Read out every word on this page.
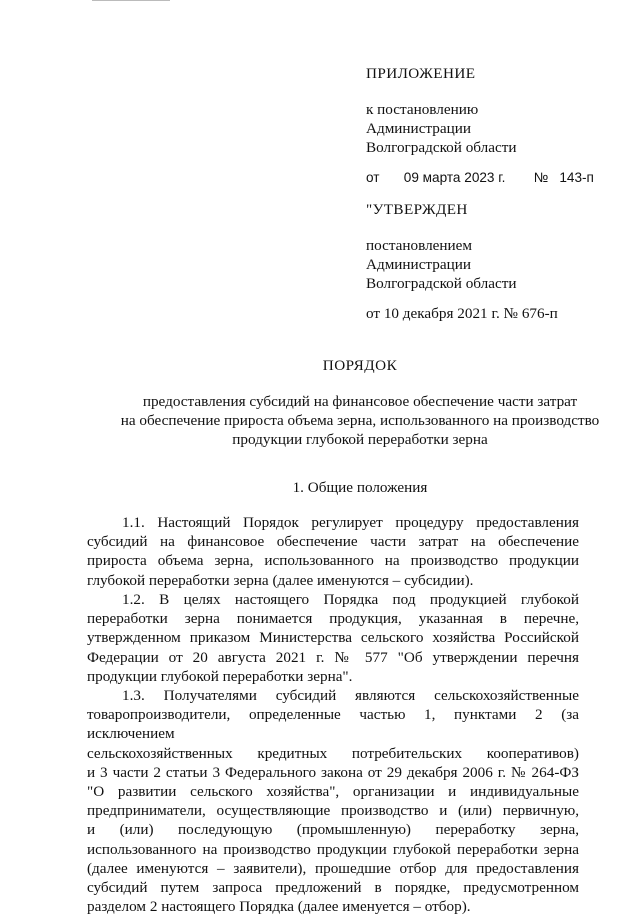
ПРИЛОЖЕНИЕ
к постановлению
Администрации
Волгоградской области
от 09 марта 2023 г. № 143-п
"УТВЕРЖДЕН
постановлением
Администрации
Волгоградской области
от 10 декабря 2021 г. № 676-п
ПОРЯДОК
предоставления субсидий на финансовое обеспечение части затрат
на обеспечение прироста объема зерна, использованного на производство
продукции глубокой переработки зерна
1. Общие положения
1.1. Настоящий Порядок регулирует процедуру предоставления
субсидий на финансовое обеспечение части затрат на обеспечение
прироста объема зерна, использованного на производство продукции
глубокой переработки зерна (далее именуются – субсидии).
1.2. В целях настоящего Порядка под продукцией глубокой
переработки зерна понимается продукция, указанная в перечне,
утвержденном приказом Министерства сельского хозяйства Российской
Федерации от 20 августа 2021 г. № 577 "Об утверждении перечня
продукции глубокой переработки зерна".
1.3. Получателями субсидий являются сельскохозяйственные
товаропроизводители, определенные частью 1, пунктами 2 (за исключением
сельскохозяйственных кредитных потребительских кооперативов)
и 3 части 2 статьи 3 Федерального закона от 29 декабря 2006 г. № 264-ФЗ
"О развитии сельского хозяйства", организации и индивидуальные
предприниматели, осуществляющие производство и (или) первичную,
и (или) последующую (промышленную) переработку зерна,
использованного на производство продукции глубокой переработки зерна
(далее именуются – заявители), прошедшие отбор для предоставления
субсидий путем запроса предложений в порядке, предусмотренном
разделом 2 настоящего Порядка (далее именуется – отбор).
